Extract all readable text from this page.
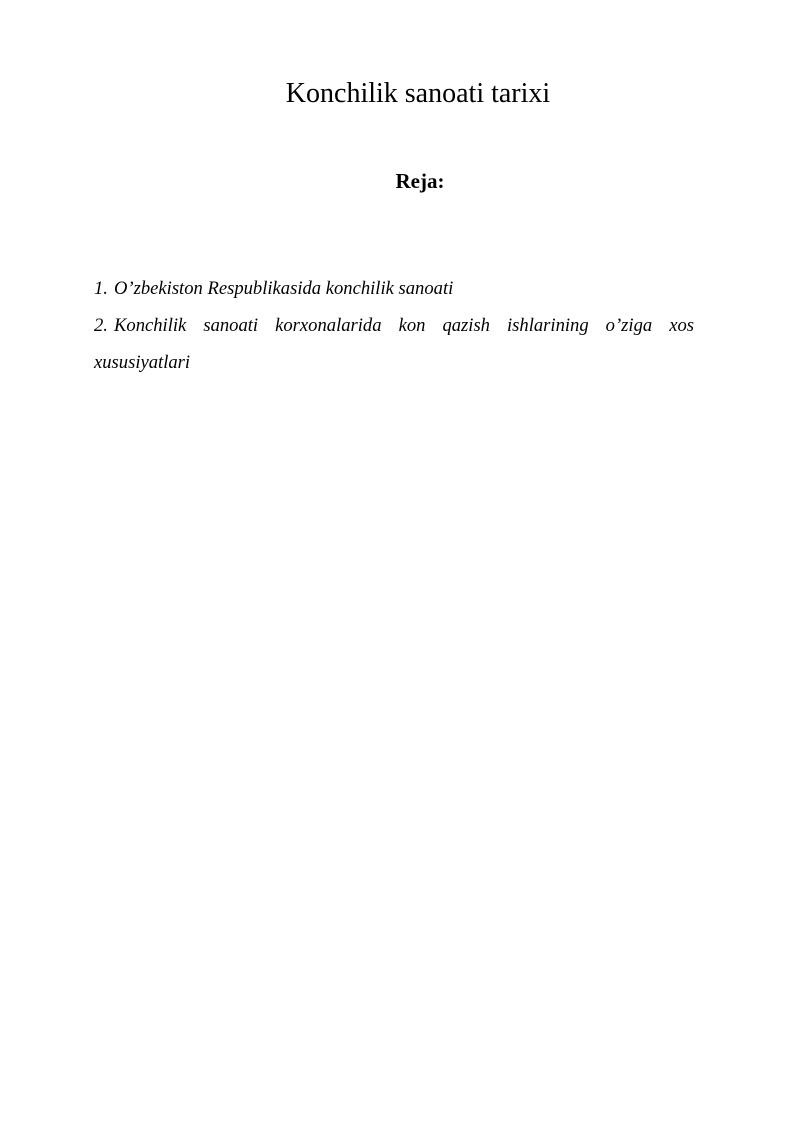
Konchilik sanoati tarixi
Reja:
1. O’zbekiston Respublikasida konchilik sanoati
2. Konchilik sanoati korxonalarida kon qazish ishlarining o’ziga xos
xususiyatlari
